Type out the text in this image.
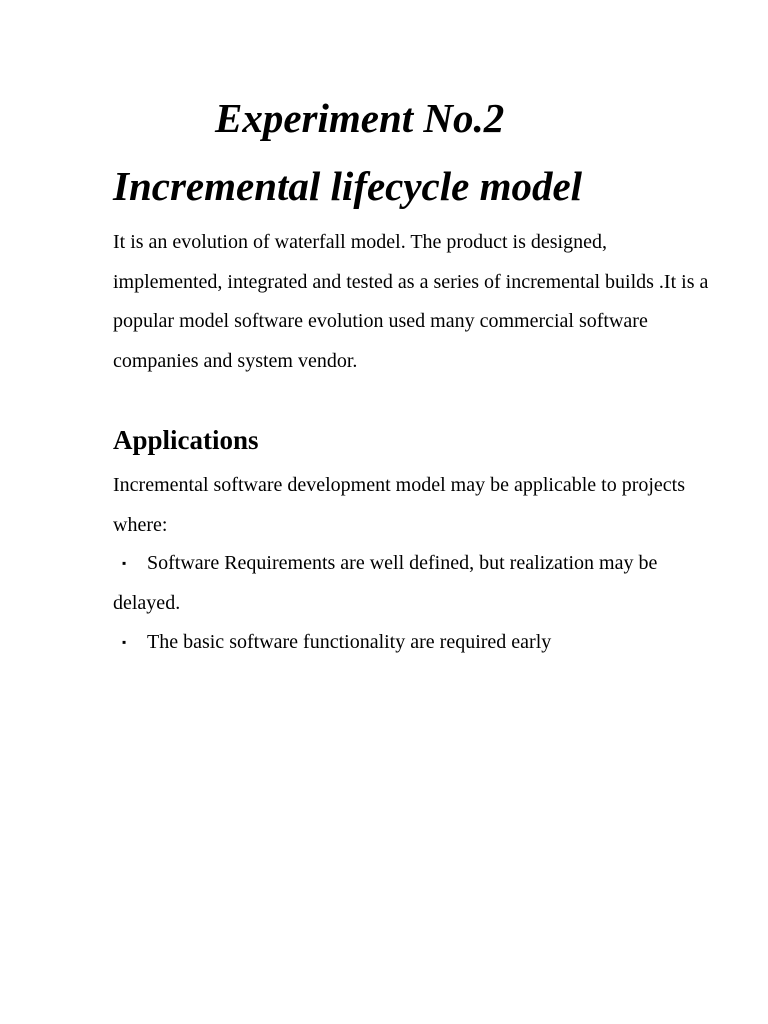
Experiment No.2
Incremental lifecycle model

It is an evolution of waterfall model. The product is designed, implemented, integrated and tested as a series of incremental builds .It is a popular model software evolution used many commercial software companies and system vendor.

Applications

Incremental software development model may be applicable to projects where:

▪ Software Requirements are well defined, but realization may be delayed.
▪ The basic software functionality are required early
